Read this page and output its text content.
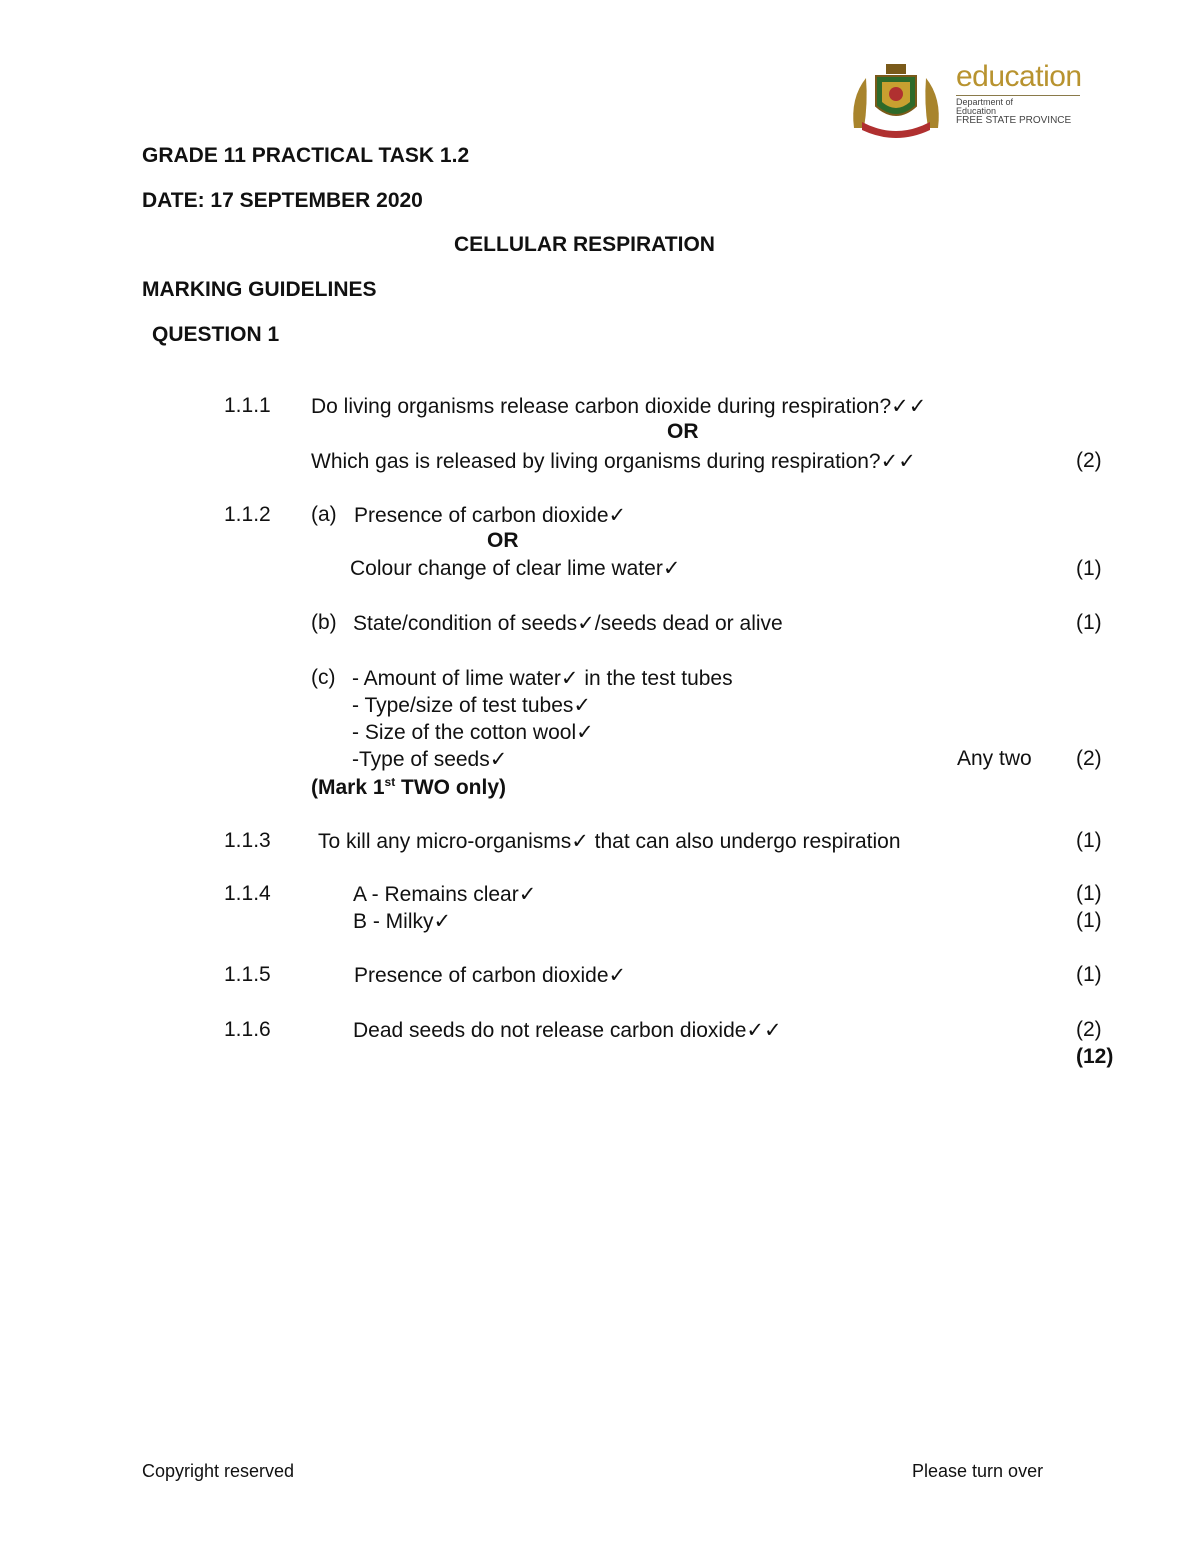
education
Department of
Education
FREE STATE PROVINCE
GRADE 11 PRACTICAL TASK 1.2
DATE: 17 SEPTEMBER 2020
CELLULAR RESPIRATION
MARKING GUIDELINES
QUESTION 1
1.1.1 Do living organisms release carbon dioxide during respiration?✓✓
OR
Which gas is released by living organisms during respiration?✓✓	(2)
1.1.2 (a) Presence of carbon dioxide✓
OR
Colour change of clear lime water✓	(1)
(b) State/condition of seeds✓/seeds dead or alive	(1)
(c) - Amount of lime water✓ in the test tubes
- Type/size of test tubes✓
- Size of the cotton wool✓
-Type of seeds✓	Any two (2)
(Mark 1st TWO only)
1.1.3 To kill any micro-organisms✓ that can also undergo respiration	(1)
1.1.4	A - Remains clear✓	(1)
B - Milky✓	(1)
1.1.5	Presence of carbon dioxide✓	(1)
1.1.6	Dead seeds do not release carbon dioxide✓✓	(2)
(12)
Copyright reserved	Please turn over
